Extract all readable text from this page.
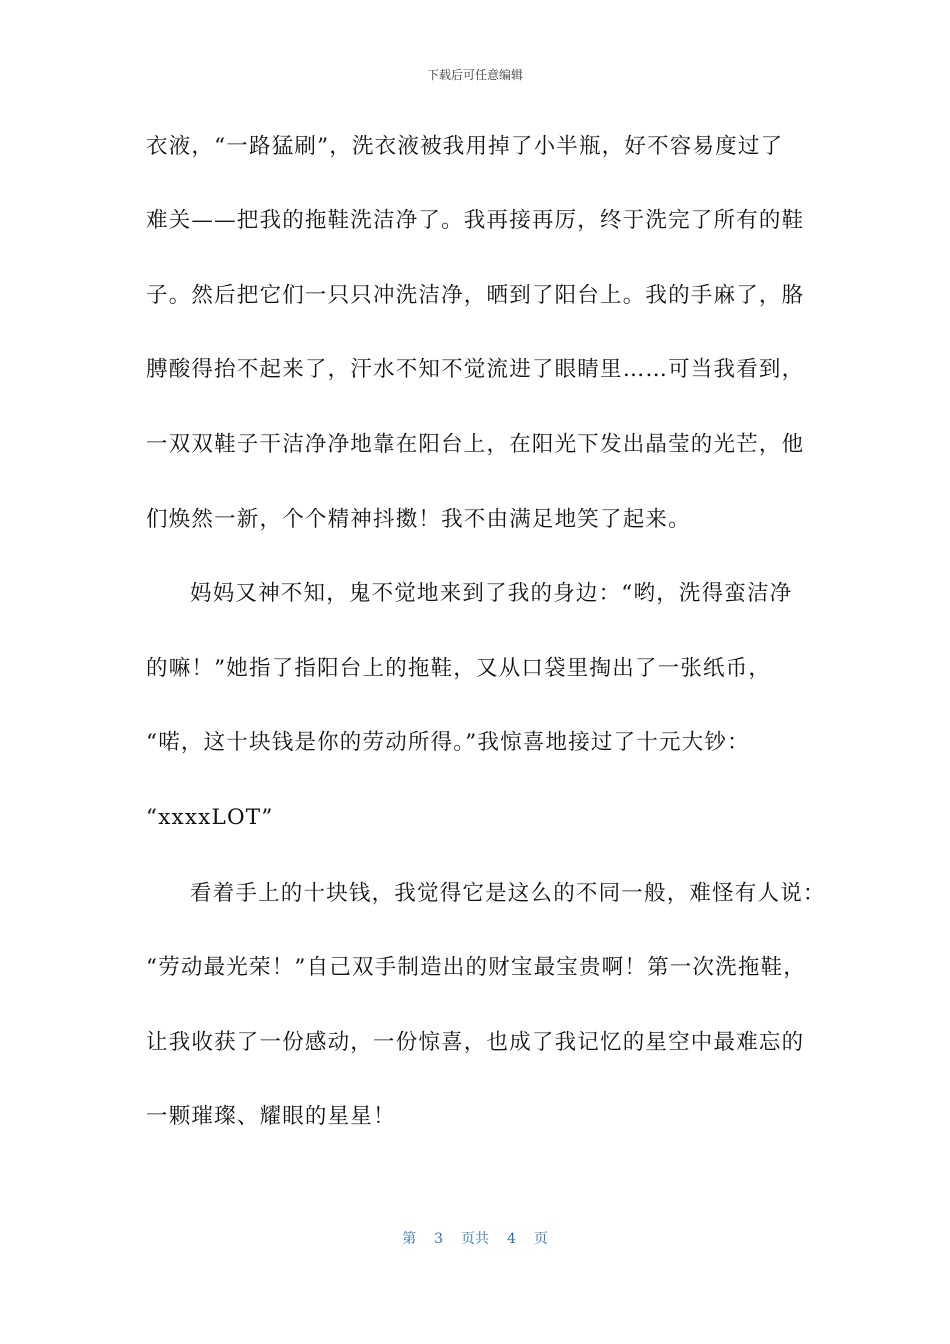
下载后可任意编辑
衣液，“一路猛刷”，洗衣液被我用掉了小半瓶，好不容易度过了
难关——把我的拖鞋洗洁净了。我再接再厉，终于洗完了所有的鞋
子。然后把它们一只只冲洗洁净，晒到了阳台上。我的手麻了，胳
膊酸得抬不起来了，汗水不知不觉流进了眼睛里……可当我看到，
一双双鞋子干洁净净地靠在阳台上，在阳光下发出晶莹的光芒，他
们焕然一新，个个精神抖擞！我不由满足地笑了起来。
妈妈又神不知，鬼不觉地来到了我的身边：“哟，洗得蛮洁净
的嘛！”她指了指阳台上的拖鞋，又从口袋里掏出了一张纸币，
“喏，这十块钱是你的劳动所得。”我惊喜地接过了十元大钞：
“xxxxLOT”
看着手上的十块钱，我觉得它是这么的不同一般，难怪有人说：
“劳动最光荣！”自己双手制造出的财宝最宝贵啊！第一次洗拖鞋，
让我收获了一份感动，一份惊喜，也成了我记忆的星空中最难忘的
一颗璀璨、耀眼的星星！
第 3 页共 4 页
